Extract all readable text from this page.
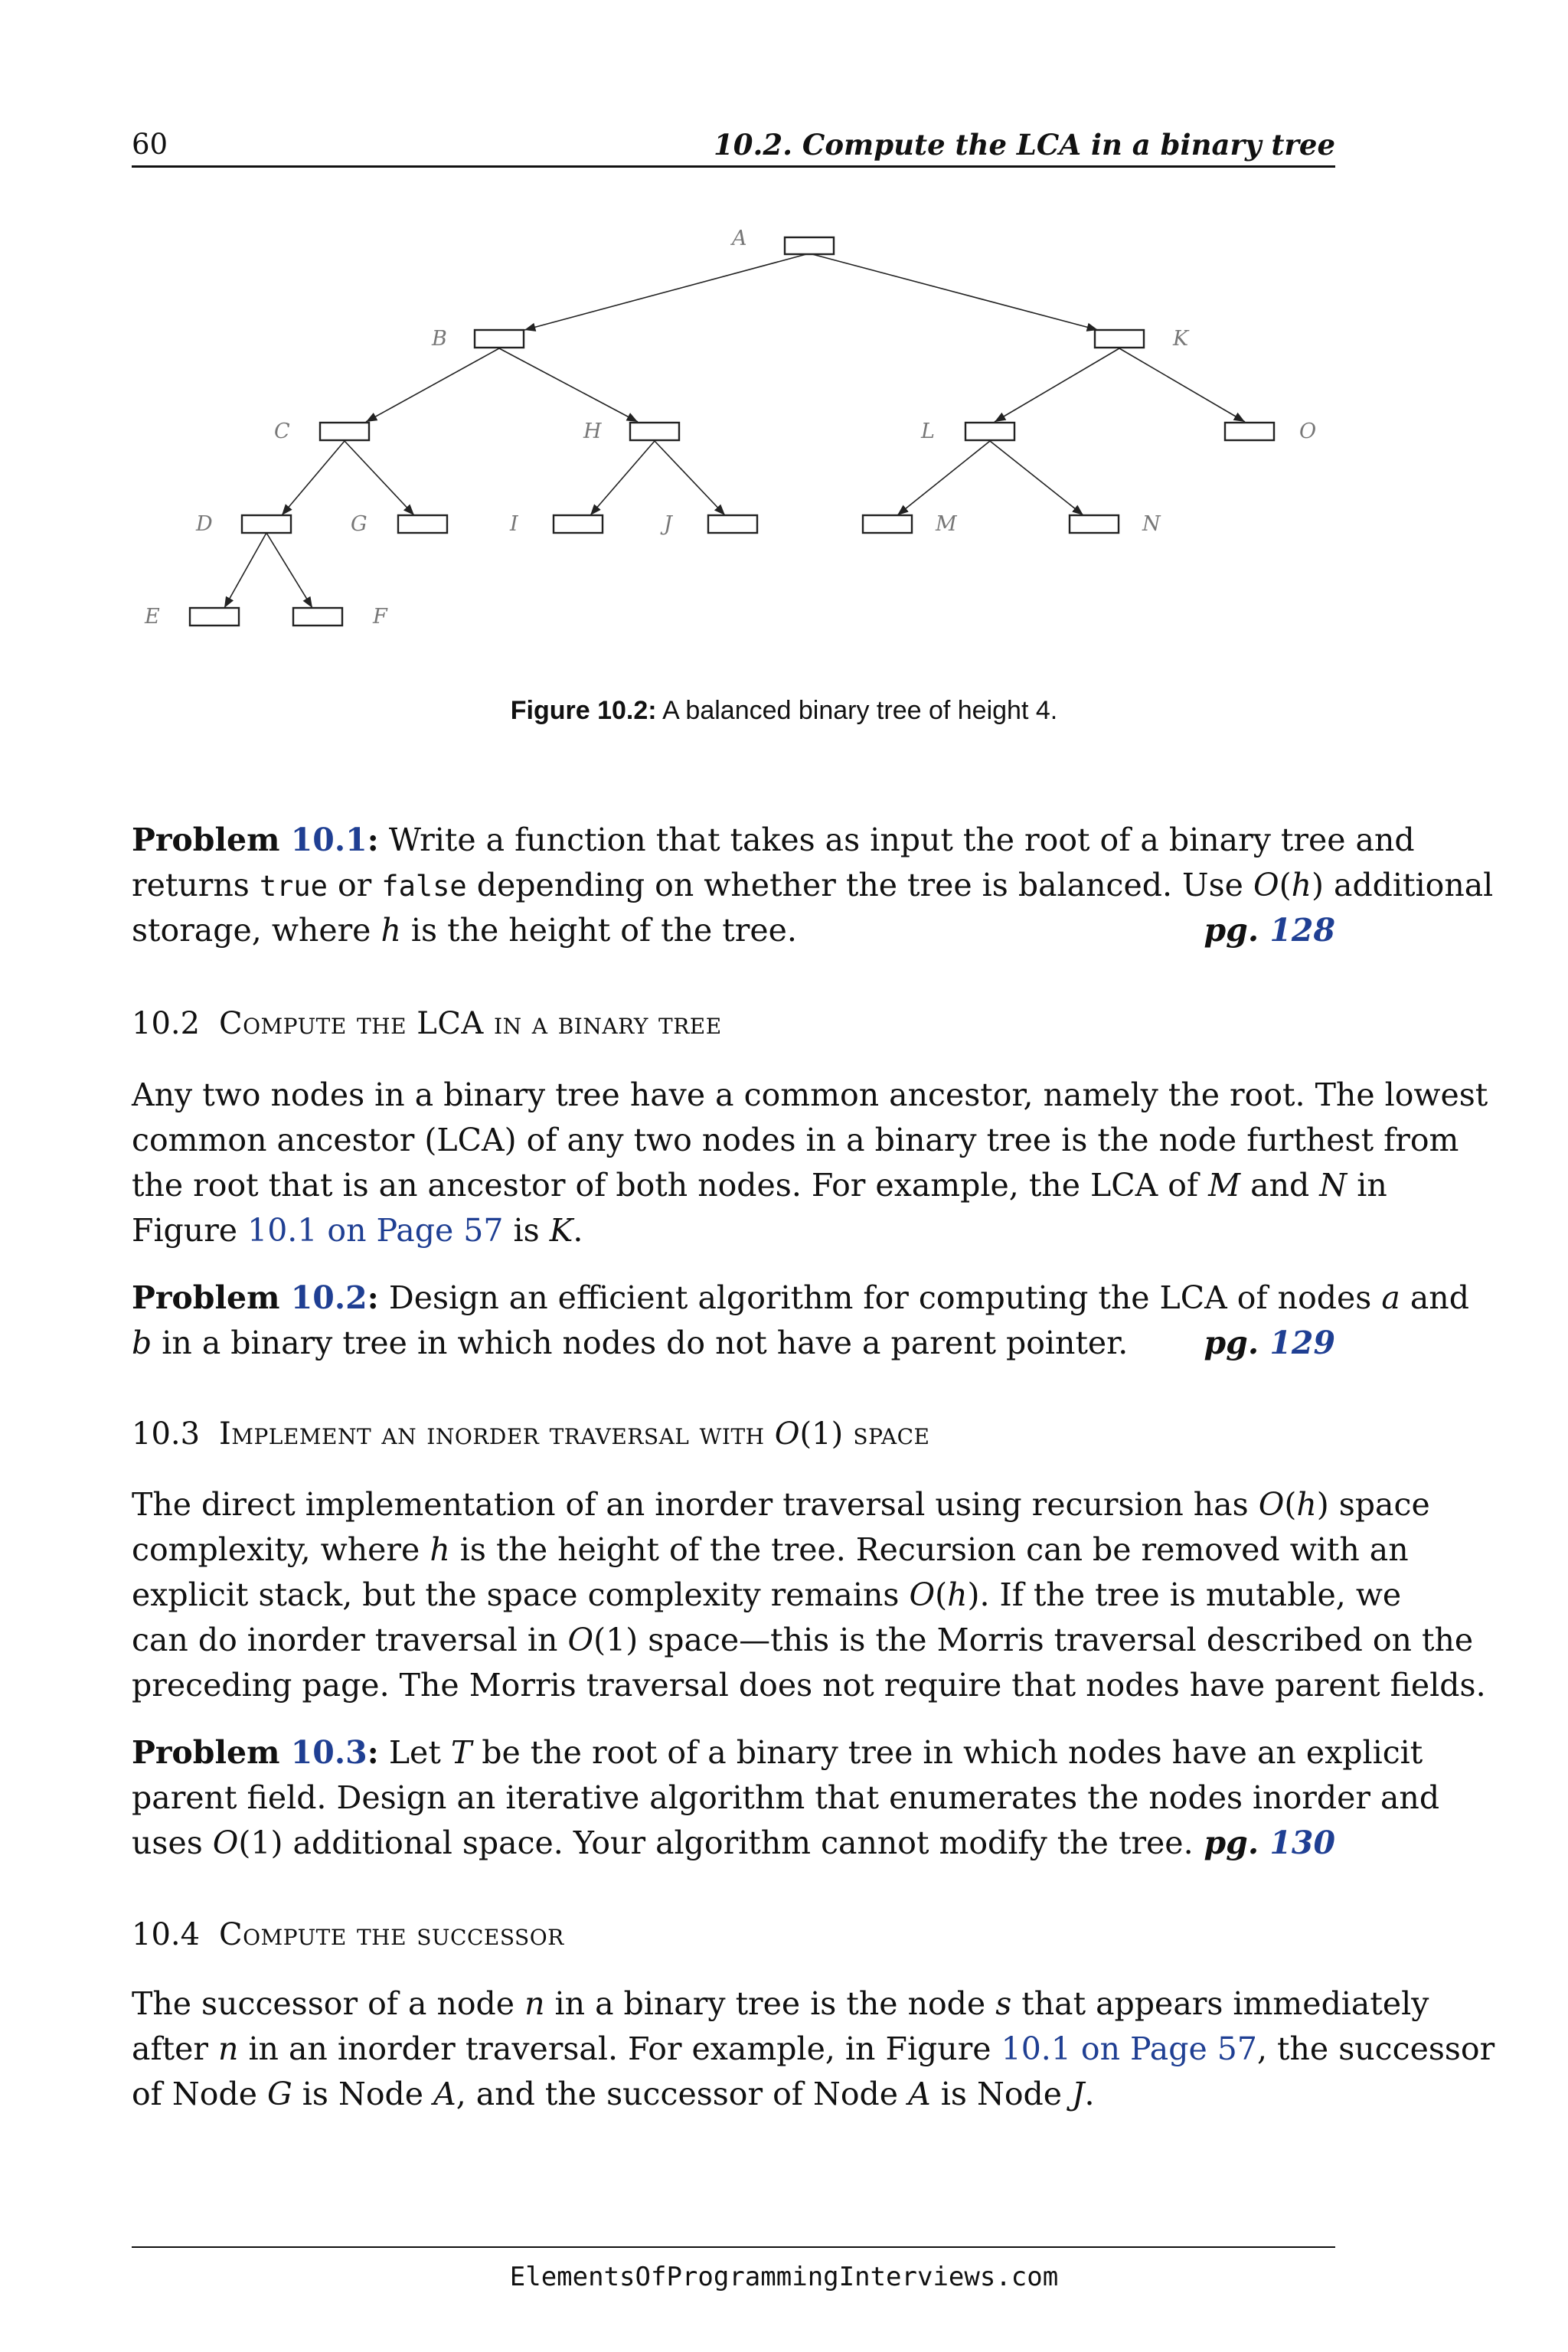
60	10.2. Compute the LCA in a binary tree
A
B	K
C	H	L	O
D	G	I	J	M	N
E	F
Figure 10.2: A balanced binary tree of height 4.
Problem 10.1: Write a function that takes as input the root of a binary tree and
returns true or false depending on whether the tree is balanced. Use O(h) additional
storage, where h is the height of the tree.	pg. 128
10.2 Compute the LCA in a binary tree
Any two nodes in a binary tree have a common ancestor, namely the root. The lowest
common ancestor (LCA) of any two nodes in a binary tree is the node furthest from
the root that is an ancestor of both nodes. For example, the LCA of M and N in
Figure 10.1 on Page 57 is K.
Problem 10.2: Design an efficient algorithm for computing the LCA of nodes a and
b in a binary tree in which nodes do not have a parent pointer. pg. 129
10.3 Implement an inorder traversal with O(1) space
The direct implementation of an inorder traversal using recursion has O(h) space
complexity, where h is the height of the tree. Recursion can be removed with an
explicit stack, but the space complexity remains O(h). If the tree is mutable, we
can do inorder traversal in O(1) space—this is the Morris traversal described on the
preceding page. The Morris traversal does not require that nodes have parent fields.
Problem 10.3: Let T be the root of a binary tree in which nodes have an explicit
parent field. Design an iterative algorithm that enumerates the nodes inorder and
uses O(1) additional space. Your algorithm cannot modify the tree. pg. 130
10.4 Compute the successor
The successor of a node n in a binary tree is the node s that appears immediately
after n in an inorder traversal. For example, in Figure 10.1 on Page 57, the successor
of Node G is Node A, and the successor of Node A is Node J.
ElementsOfProgrammingInterviews.com
